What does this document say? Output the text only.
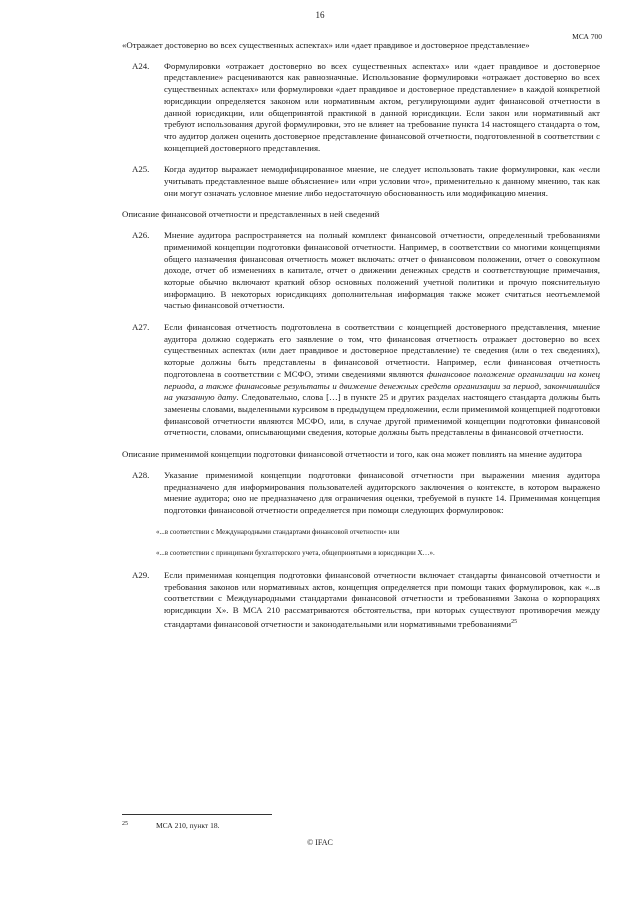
16
МСА 700

«Отражает достоверно во всех существенных аспектах» или «дает правдивое и достоверное представление»

A24.	Формулировки «отражает достоверно во всех существенных аспектах» или «дает правдивое и достоверное представление» расцениваются как равнозначные. Использование формулировки «отражает достоверно во всех существенных аспектах» или формулировки «дает правдивое и достоверное представление» в каждой конкретной юрисдикции определяется законом или нормативным актом, регулирующими аудит финансовой отчетности в данной юрисдикции, или общепринятой практикой в данной юрисдикции. Если закон или нормативный акт требуют использования другой формулировки, это не влияет на требование пункта 14 настоящего стандарта о том, что аудитор должен оценить достоверное представление финансовой отчетности, подготовленной в соответствии с концепцией достоверного представления.
A25.	Когда аудитор выражает немодифицированное мнение, не следует использовать такие формулировки, как «если учитывать представленное выше объяснение» или «при условии что», применительно к данному мнению, так как они могут означать условное мнение либо недостаточную обоснованность или модификацию мнения.

Описание финансовой отчетности и представленных в ней сведений

A26.	Мнение аудитора распространяется на полный комплект финансовой отчетности, определенный требованиями применимой концепции подготовки финансовой отчетности. Например, в соответствии со многими концепциями общего назначения финансовая отчетность может включать: отчет о финансовом положении, отчет о совокупном доходе, отчет об изменениях в капитале, отчет о движении денежных средств и соответствующие примечания, которые обычно включают краткий обзор основных положений учетной политики и прочую пояснительную информацию. В некоторых юрисдикциях дополнительная информация также может считаться неотъемлемой частью финансовой отчетности.
A27.	Если финансовая отчетность подготовлена в соответствии с концепцией достоверного представления, мнение аудитора должно содержать его заявление о том, что финансовая отчетность отражает достоверно во всех существенных аспектах (или дает правдивое и достоверное представление) те сведения (или о тех сведениях), которые должны быть представлены в финансовой отчетности. Например, если финансовая отчетность подготовлена в соответствии с МСФО, этими сведениями являются финансовое положение организации на конец периода, а также финансовые результаты и движение денежных средств организации за период, закончившийся на указанную дату. Следовательно, слова […] в пункте 25 и других разделах настоящего стандарта должны быть заменены словами, выделенными курсивом в предыдущем предложении, если применимой концепцией подготовки финансовой отчетности являются МСФО, или, в случае другой применимой концепции подготовки финансовой отчетности, словами, описывающими сведения, которые должны быть представлены в финансовой отчетности.

Описание применимой концепции подготовки финансовой отчетности и того, как она может повлиять на мнение аудитора

A28.	Указание применимой концепции подготовки финансовой отчетности при выражении мнения аудитора предназначено для информирования пользователей аудиторского заключения о контексте, в котором выражено мнение аудитора; оно не предназначено для ограничения оценки, требуемой в пункте 14. Применимая концепция подготовки финансовой отчетности определяется при помощи следующих формулировок:
«...в соответствии с Международными стандартами финансовой отчетности» или
«...в соответствии с принципами бухгалтерского учета, общепринятыми в юрисдикции X…».
A29.	Если применимая концепция подготовки финансовой отчетности включает стандарты финансовой отчетности и требования законов или нормативных актов, концепция определяется при помощи таких формулировок, как «...в соответствии с Международными стандартами финансовой отчетности и требованиями Закона о корпорациях юрисдикции X». В МСА 210 рассматриваются обстоятельства, при которых существуют противоречия между стандартами финансовой отчетности и законодательными или нормативными требованиями$^{25}$
25	МСА 210, пункт 18.
© IFAC
